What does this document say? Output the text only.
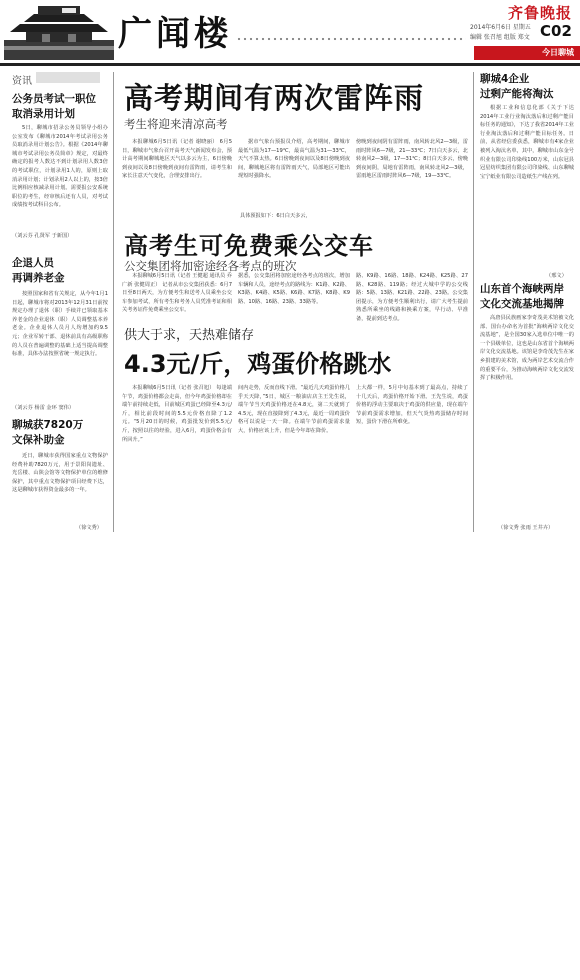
广闻楼
齐鲁晚报
2014年6月6日 星期五
编辑 张召旭 组版 郑文 C02
今日聊城
资讯
公务员考试一职位
取消录用计划
5日，聊城市招录公务员领导小组办公室发布《聊城市2014年考试录用公务员取消录用计划公告》。根据《2014年聊城市考试录用公务员简章》规定，对最终确定的报考人数达不到计划录用人数3倍的考试职位，计划录用1人的，原则上取消录用计划；计划录用2人以上的，按3倍比例相应核减录用计划。需要报公安系统职位的考生，经审核后还有人员，对考试成绩按考试科目公布。
（刘云芬 孔贤军 于新国）
企退人员
再调养老金
按照国家和省有关规定，从今年1月1日起，聊城市将对2013年12月31日前按规定办理了退休（职）手续并已领取基本养老金的企业退休（职）人员调整基本养老金。企业退休人员月人均增加约9.5元；企业军转干部、退休前具有高级职称的人员在普遍调整的基础上适当提高调整标准，具体办法按照省统一规定执行。
（刘云芬 杨雷 金环 窦伟）
聊城获7820万
文保补助金
近日，聊城市获得国家重点文物保护经费补助7820万元，用于景阳岗遗址、光岳楼、山陕会馆等文物保护单位的维修保护，其中重点文物保护项目经费下达，这是聊城市获得资金最多的一年。
（徐文秀）
高考期间有两次雷阵雨
考生将迎来清凉高考
本报聊城6月5日讯（记者 谢晓丽） 6月5日，聊城市气象台召开高考天气新闻发布会，预计高考期间聊城地区天气以多云为主，6日傍晚到夜间以及8日傍晚到夜间有雷阵雨，请考生和家长注意天气变化，合理安排出行。
据市气象台预报员介绍，高考期间，聊城市最低气温为17—19℃，最高气温为31—33℃，天气不算太热。6日傍晚到夜间以及8日傍晚到夜间，聊城地区将有雷阵雨天气，局部地区可能出现短时强降水。
傍晚到夜间阴有雷阵雨，南风转北风2—3级，雷雨时阵风6—7级，21—33℃；7日白天多云，北转南风2—3级，17—31℃；8日白天多云，傍晚到夜间阴，局地有雷阵雨，南风转北风2—3级，雷雨地区雷雨时阵风6—7级，19—33℃。
具体预报如下：6日白天多云，
高考生可免费乘公交车
公交集团将加密途经各考点的班次
本报聊城6月5日讯（记者 王健超 通讯员 乔广新 张健周正） 记者从市公交集团获悉：6月7日至8日两天，为方便考生和送考人员乘坐公交车参加考试，所有考生和考务人员凭准考证和相关考务证件免费乘坐公交车。
据悉，公交集团将加密途经各考点的班次，增加车辆和人员，途经考点的路线为：K1路、K2路、K3路、K4路、K5路、K6路、K7路、K8路、K9路、10路、16路、23路、33路等。
路、K9路、16路、18路、K24路、K25路、27路、K28路、119路；经过大城中学的公交线路：5路、13路、K21路、22路、23路。公交集团提示，为方便考生顺利出行，请广大考生提前熟悉所乘坐的线路和换乘方案，早行动、早准备，提前到达考点。
供大于求，天热难储存
4.3元/斤，鸡蛋价格跳水
本报聊城6月5日讯（记者 张召旭） 每逢端午节，鸡蛋价格都会走高，但今年鸡蛋价格却在端午前持续走低，目前城区鸡蛋已经降至4.3元/斤，相比前段时间的5.5元价格直降了1.2元。“5月20日的时候，鸡蛋批发价到5.5元/斤，按照以往的经验，进入6月，鸡蛋价格会有所回升。”
间内走势，反而直线下滑。“最近几天鸡蛋价格几乎天天降，”5日，城区一粮油店店主王先生说，端午节当天鸡蛋价格还在4.8元，第二天就到了4.5元，现在直接降到了4.3元，最近一周鸡蛋价格可以说是一天一降。在端午节前鸡蛋需求量大，价格应该上升，但是今年却在降价。
上大都一样，5月中旬基本到了最高点，持续了十几天后，鸡蛋价格开始下滑。王先生说，鸡蛋价格的浮动主要取决于鸡蛋的供应量，现在端午节前鸡蛋需求增加，但天气炎热鸡蛋储存时间短，蛋价下滑在所难免。
聊城4企业
过剩产能将淘汰
根据工业和信息化部《关于下达2014年工业行业淘汰落后和过剩产能目标任务的通知》，下达了我省2014年工业行业淘汰落后和过剩产能目标任务。日前，从省经信委获悉，聊城市有4家企业被列入淘汰名单，其中，聊城市山东金号织业有限公司印染线100万米，山东冠县冠星纺织集团有限公司印染线、山东聊城宝宁纸业有限公司造纸生产线在列。
（邢文）
山东首个海峡两岸
文化交流基地揭牌
高唐县民族画家李奇茂美术馆被文化部、国台办命名为首批“海峡两岸文化交流基地”，是全国30家入选单位中唯一的一个县级单位，这也是山东省首个海峡两岸文化交流基地。该馆是李奇茂先生在家乡捐建的美术馆，成为两岸艺术交流合作的重要平台，为推动海峡两岸文化交流发挥了积极作用。
（徐文秀 张雨 王井卉）
